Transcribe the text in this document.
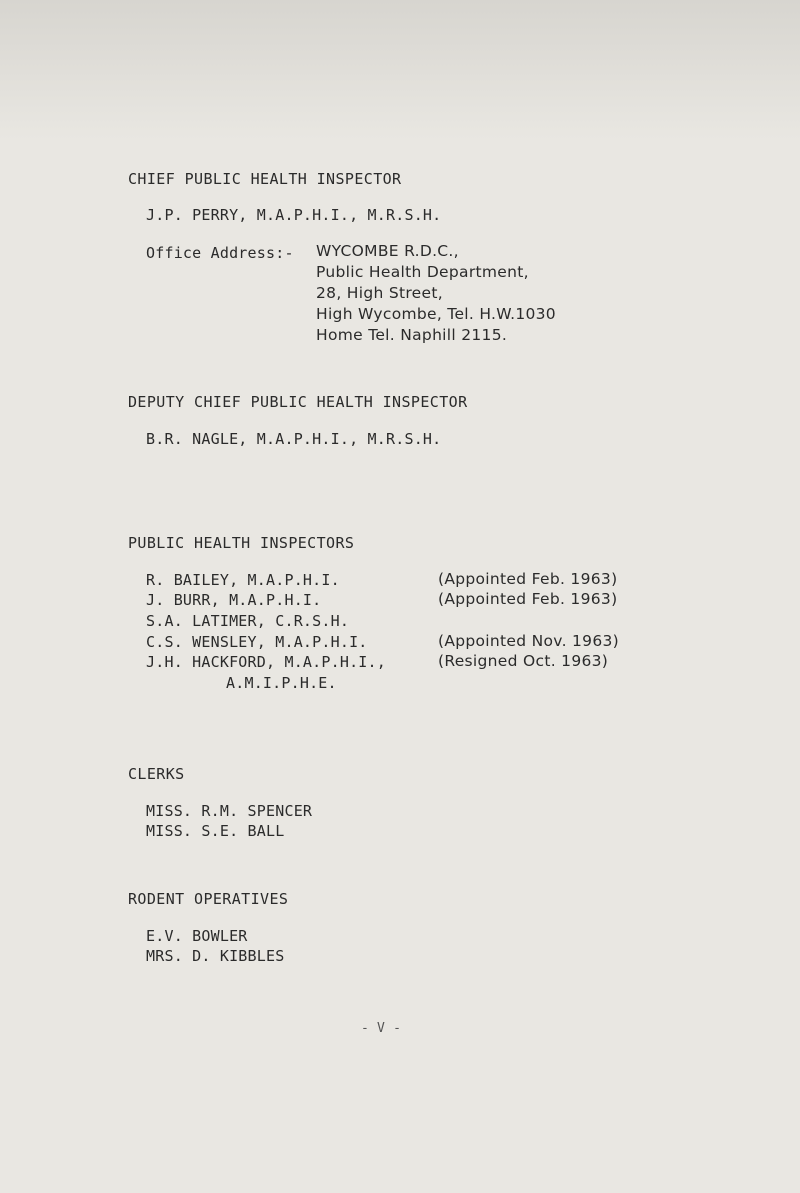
CHIEF PUBLIC HEALTH INSPECTOR
J.P. PERRY, M.A.P.H.I., M.R.S.H.
Office Address:- WYCOMBE R.D.C.,
Public Health Department,
28, High Street,
High Wycombe, Tel. H.W.1030
Home Tel. Naphill 2115.
DEPUTY CHIEF PUBLIC HEALTH INSPECTOR
B.R. NAGLE, M.A.P.H.I., M.R.S.H.
PUBLIC HEALTH INSPECTORS
R. BAILEY, M.A.P.H.I.	(Appointed Feb. 1963)
J. BURR, M.A.P.H.I.	(Appointed Feb. 1963)
S.A. LATIMER, C.R.S.H.
C.S. WENSLEY, M.A.P.H.I.	(Appointed Nov. 1963)
J.H. HACKFORD, M.A.P.H.I.,	(Resigned Oct. 1963)
A.M.I.P.H.E.
CLERKS
MISS. R.M. SPENCER
MISS. S.E. BALL
RODENT OPERATIVES
E.V. BOWLER
MRS. D. KIBBLES
- V -
